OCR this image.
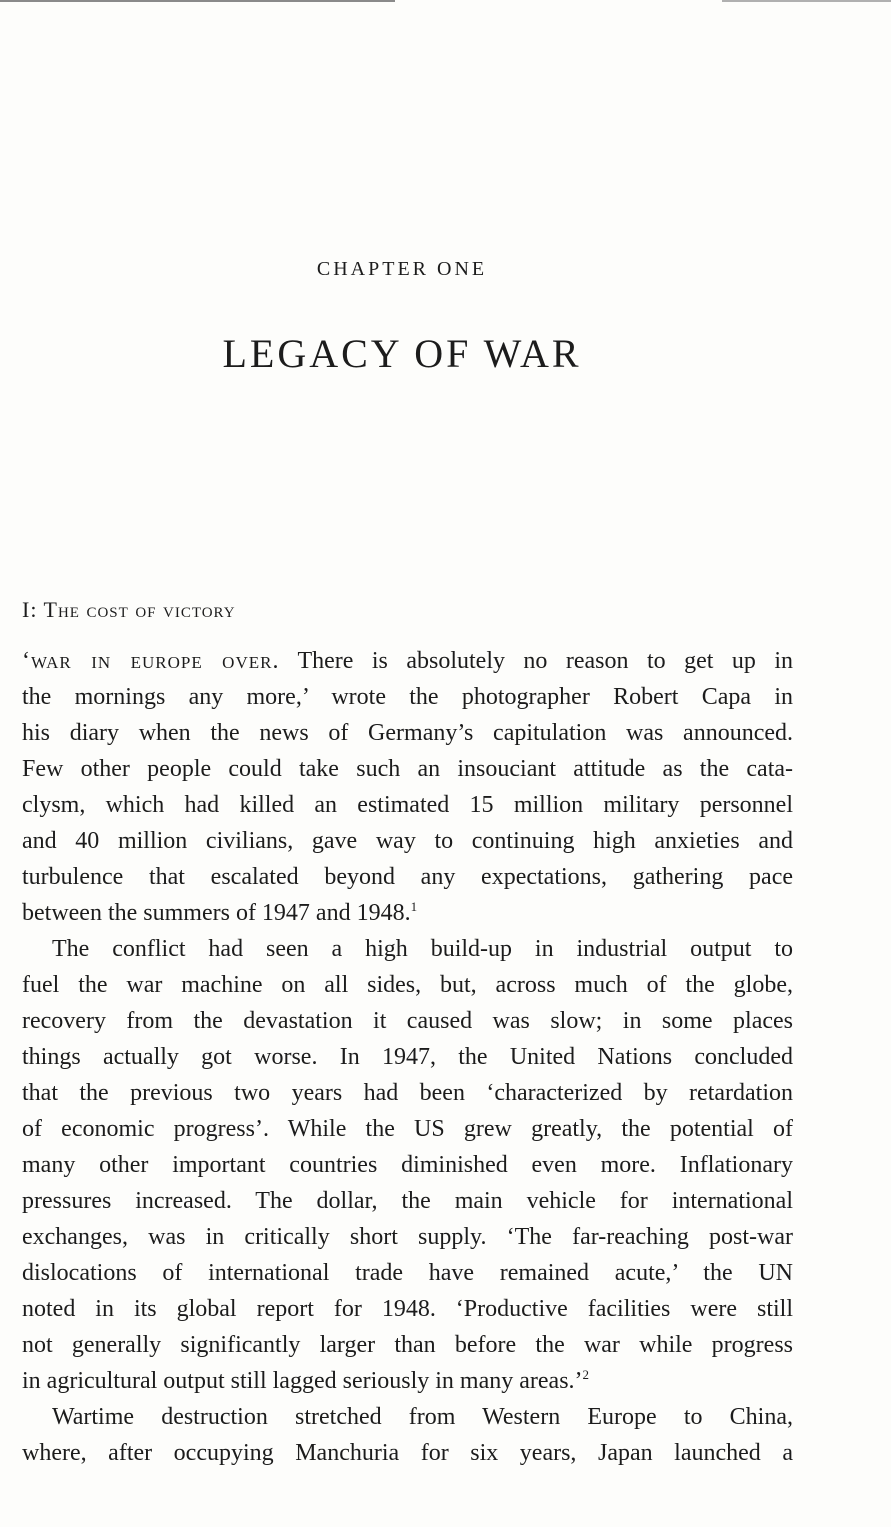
CHAPTER ONE
LEGACY OF WAR
I: The cost of victory
‘war in europe over. There is absolutely no reason to get up in
the mornings any more,’ wrote the photographer Robert Capa in
his diary when the news of Germany’s capitulation was announced.
Few other people could take such an insouciant attitude as the cata-
clysm, which had killed an estimated 15 million military personnel
and 40 million civilians, gave way to continuing high anxieties and
turbulence that escalated beyond any expectations, gathering pace
between the summers of 1947 and 1948.$^1$
The conflict had seen a high build-up in industrial output to
fuel the war machine on all sides, but, across much of the globe,
recovery from the devastation it caused was slow; in some places
things actually got worse. In 1947, the United Nations concluded
that the previous two years had been ‘characterized by retardation
of economic progress’. While the US grew greatly, the potential of
many other important countries diminished even more. Inflationary
pressures increased. The dollar, the main vehicle for international
exchanges, was in critically short supply. ‘The far-reaching post-war
dislocations of international trade have remained acute,’ the UN
noted in its global report for 1948. ‘Productive facilities were still
not generally significantly larger than before the war while progress
in agricultural output still lagged seriously in many areas.’$^2$
Wartime destruction stretched from Western Europe to China,
where, after occupying Manchuria for six years, Japan launched a
